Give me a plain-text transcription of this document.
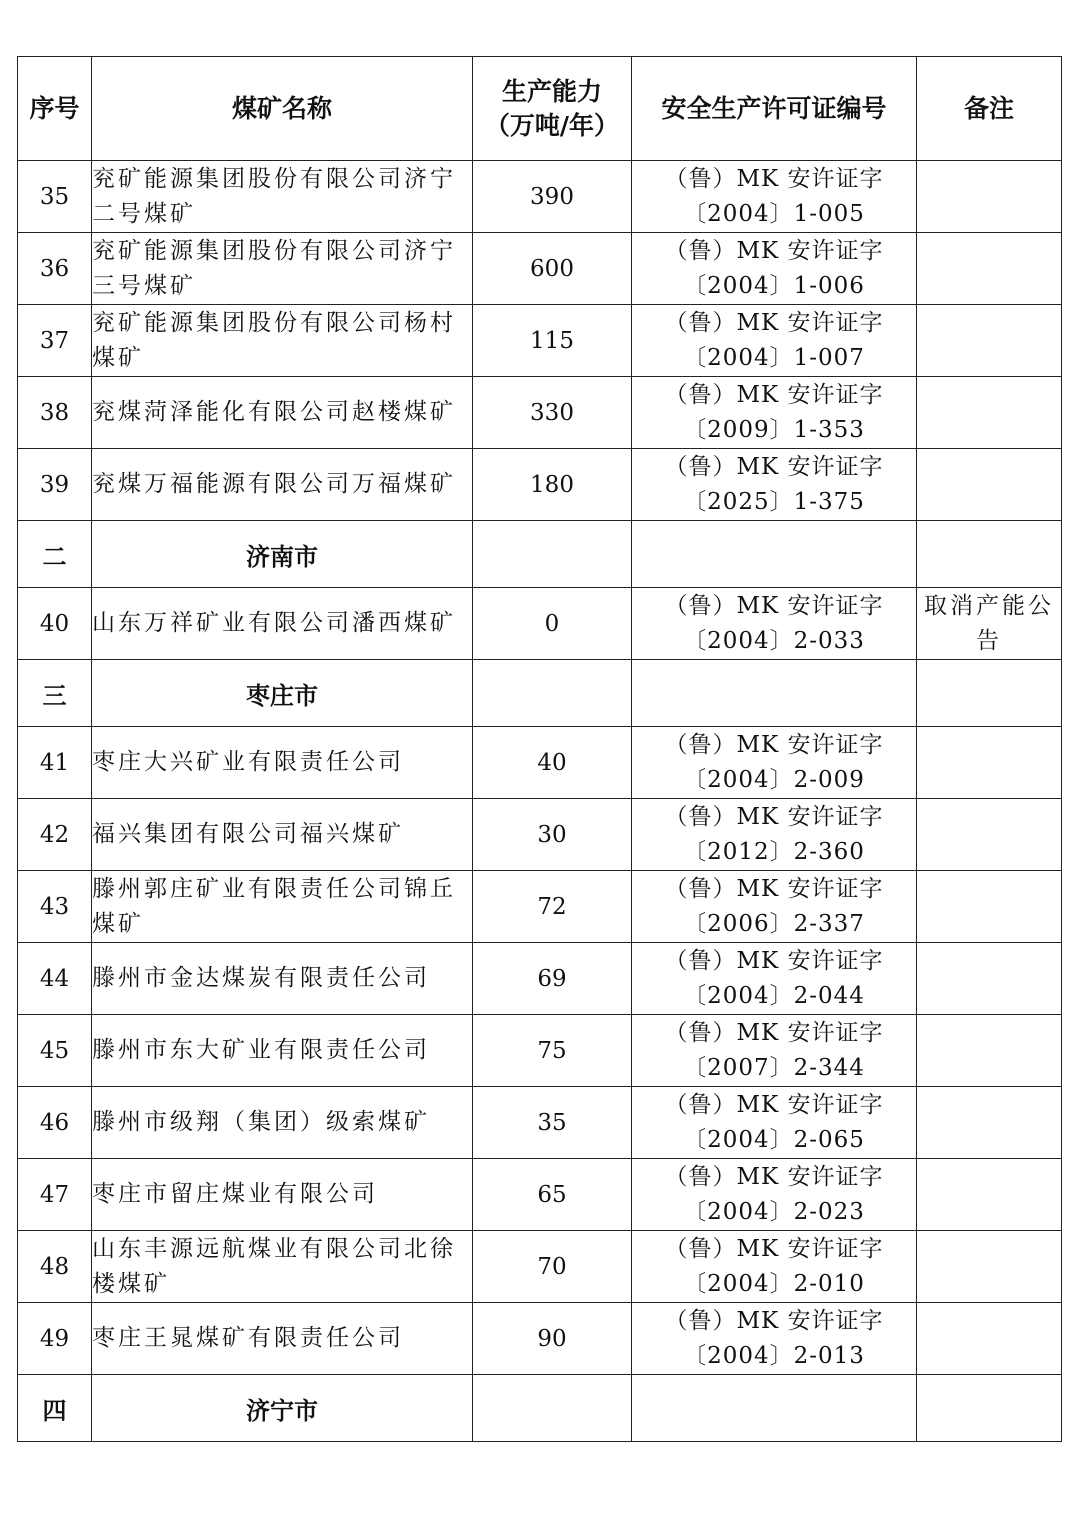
序号	煤矿名称	生产能力
（万吨/年）	安全生产许可证编号	备注
35	兖矿能源集团股份有限公司济宁二号煤矿	390	（鲁）MK 安许证字
〔2004〕1-005	

36	兖矿能源集团股份有限公司济宁三号煤矿	600	（鲁）MK 安许证字
〔2004〕1-006	

37	兖矿能源集团股份有限公司杨村煤矿	115	（鲁）MK 安许证字
〔2004〕1-007	

38	兖煤菏泽能化有限公司赵楼煤矿	330	（鲁）MK 安许证字
〔2009〕1-353	

39	兖煤万福能源有限公司万福煤矿	180	（鲁）MK 安许证字
〔2025〕1-375	

二	济南市			
40	山东万祥矿业有限公司潘西煤矿	0	（鲁）MK 安许证字
〔2004〕2-033	取消产能公告
三	枣庄市			
41	枣庄大兴矿业有限责任公司	40	（鲁）MK 安许证字
〔2004〕2-009	

42	福兴集团有限公司福兴煤矿	30	（鲁）MK 安许证字
〔2012〕2-360	

43	滕州郭庄矿业有限责任公司锦丘煤矿	72	（鲁）MK 安许证字
〔2006〕2-337	

44	滕州市金达煤炭有限责任公司	69	（鲁）MK 安许证字
〔2004〕2-044	

45	滕州市东大矿业有限责任公司	75	（鲁）MK 安许证字
〔2007〕2-344	

46	滕州市级翔（集团）级索煤矿	35	（鲁）MK 安许证字
〔2004〕2-065	

47	枣庄市留庄煤业有限公司	65	（鲁）MK 安许证字
〔2004〕2-023	

48	山东丰源远航煤业有限公司北徐楼煤矿	70	（鲁）MK 安许证字
〔2004〕2-010	

49	枣庄王晁煤矿有限责任公司	90	（鲁）MK 安许证字
〔2004〕2-013	

四	济宁市			
